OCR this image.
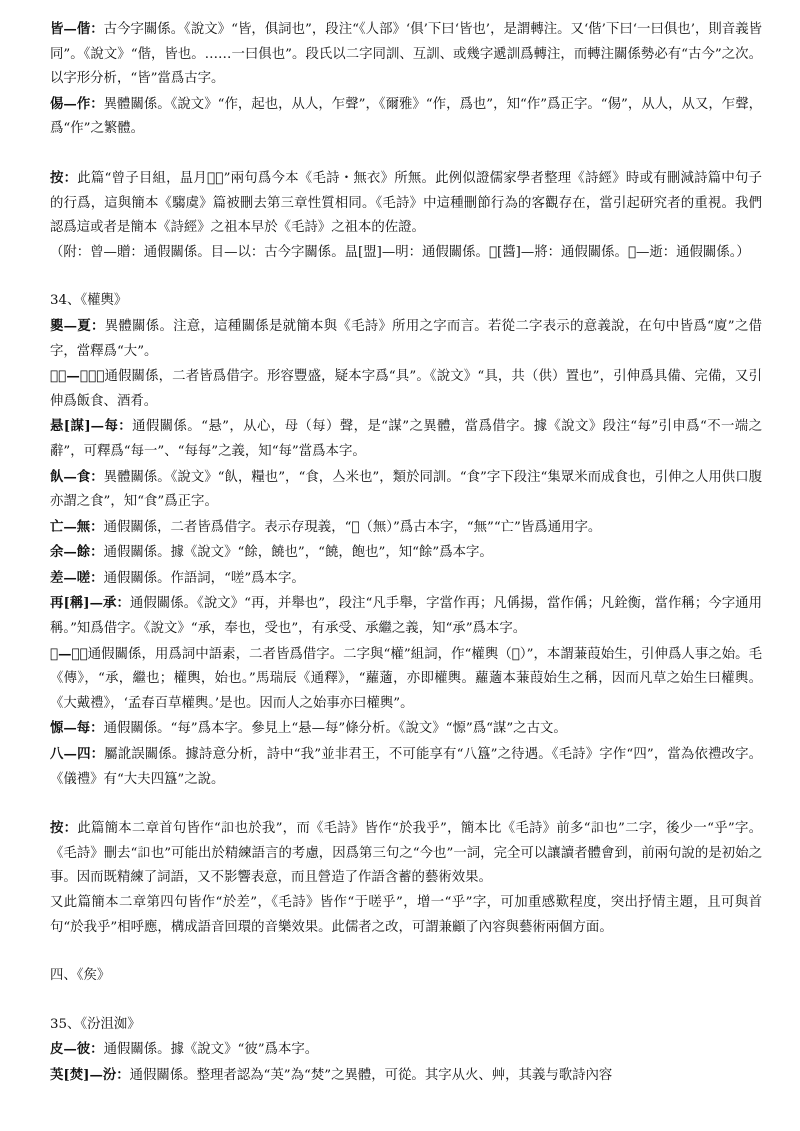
皆—偕：古今字關係。《說文》“皆，俱詞也”，段注“《人部》‘俱’下曰‘皆也’，是謂轉注。又‘偕’下曰‘一曰俱也’，則音義皆同”。《說文》“偕，皆也。……一曰俱也”。段氏以二字同訓、互訓、或幾字遞訓爲轉注，而轉注關係勢必有“古今”之次。以字形分析，“皆”當爲古字。

㑥—作：異體關係。《說文》“作，起也，从人，乍聲”，《爾雅》“作，爲也”，知“作”爲正字。“㑥”，从人，从又，乍聲，爲“作”之繁體。

按：此篇“曾子目組，昷月𥄂𨒪”兩句爲今本《毛詩・無衣》所無。此例似證儒家學者整理《詩經》時或有刪減詩篇中句子的行爲，這與簡本《騶虞》篇被刪去第三章性質相同。《毛詩》中這種刪節行為的客觀存在，當引起研究者的重視。我們認爲這或者是簡本《詩經》之祖本早於《毛詩》之祖本的佐證。

（附：曾—贈：通假關係。目—以：古今字關係。昷[盟]—明：通假關係。𥄂[醬]—將：通假關係。𨒪—逝：通假關係。）

34、《權輿》

夓—夏：異體關係。注意，這種關係是就簡本與《毛詩》所用之字而言。若從二字表示的意義說，在句中皆爲“廈”之借字，當釋爲“大”。

𥬡𥬡—渠渠：通假關係，二者皆爲借字。形容豐盛，疑本字爲“具”。《說文》“具，共（供）置也”，引伸爲具備、完備，又引伸爲飯食、酒肴。

悬[謀]—每：通假關係。“悬”，从心，母（每）聲，是“謀”之異體，當爲借字。據《說文》段注“每”引申爲“不一端之辭”，可釋爲“每一”、“每每”之義，知“每”當爲本字。

飤—食：異體關係。《說文》“飤，糧也”，“食，亼米也”，類於同訓。“食”字下段注“集眾米而成食也，引伸之人用供口腹亦謂之食”，知“食”爲正字。

亡—無：通假關係，二者皆爲借字。表示存現義，“𣞤（無）”爲古本字，“無”“亡”皆爲通用字。

余—餘：通假關係。據《說文》“餘，饒也”，“饒，飽也”，知“餘”爲本字。

差—嗟：通假關係。作語詞，“嗟”爲本字。

再[稱]—承：通假關係。《說文》“再，并舉也”，段注“凡手舉，字當作再；凡偁揚，當作偁；凡銓衡，當作稱；今字通用稱。”知爲借字。《說文》“承，奉也，受也”，有承受、承繼之義，知“承”爲本字。

𣠮—輿：通假關係，用爲詞中語素，二者皆爲借字。二字與“權”組詞，作“權輿（𣠮）”，本謂蒹葭始生，引伸爲人事之始。毛《傳》，“承，繼也；權輿，始也。”馬瑞辰《通釋》，“蘿藡，亦即權輿。蘿藡本蒹葭始生之稱，因而凡草之始生曰權輿。《大戴禮》，‘孟春百草權輿。’是也。因而人之始事亦曰權輿”。

㥳—每：通假關係。“每”爲本字。參見上“悬—每”條分析。《說文》“㥳”爲“謀”之古文。

八—四：屬訛誤關係。據詩意分析，詩中“我”並非君王，不可能享有“八簋”之待遇。《毛詩》字作“四”，當為依禮改字。《儀禮》有“大夫四簋”之說。

按：此篇簡本二章首句皆作“𧥣也於我”，而《毛詩》皆作“於我乎”，簡本比《毛詩》前多“𧥣也”二字，後少一“乎”字。《毛詩》刪去“𧥣也”可能出於精練語言的考慮，因爲第三句之“今也”一詞，完全可以讓讀者體會到，前兩句說的是初始之事。因而既精練了詞語，又不影響表意，而且營造了作語含蓄的藝術效果。

又此篇簡本二章第四句皆作“於差”，《毛詩》皆作“于嗟乎”，增一“乎”字，可加重感歎程度，突出抒情主題，且可與首句“於我乎”相呼應，構成語音回環的音樂效果。此儒者之改，可謂兼顧了內容與藝術兩個方面。

四、《矦》

35、《汾沮洳》

皮—彼：通假關係。據《說文》“彼”爲本字。

芵[焚]—汾：通假關係。整理者認為“芵”為“焚”之異體，可從。其字从火、艸，其義与歌詩內容
